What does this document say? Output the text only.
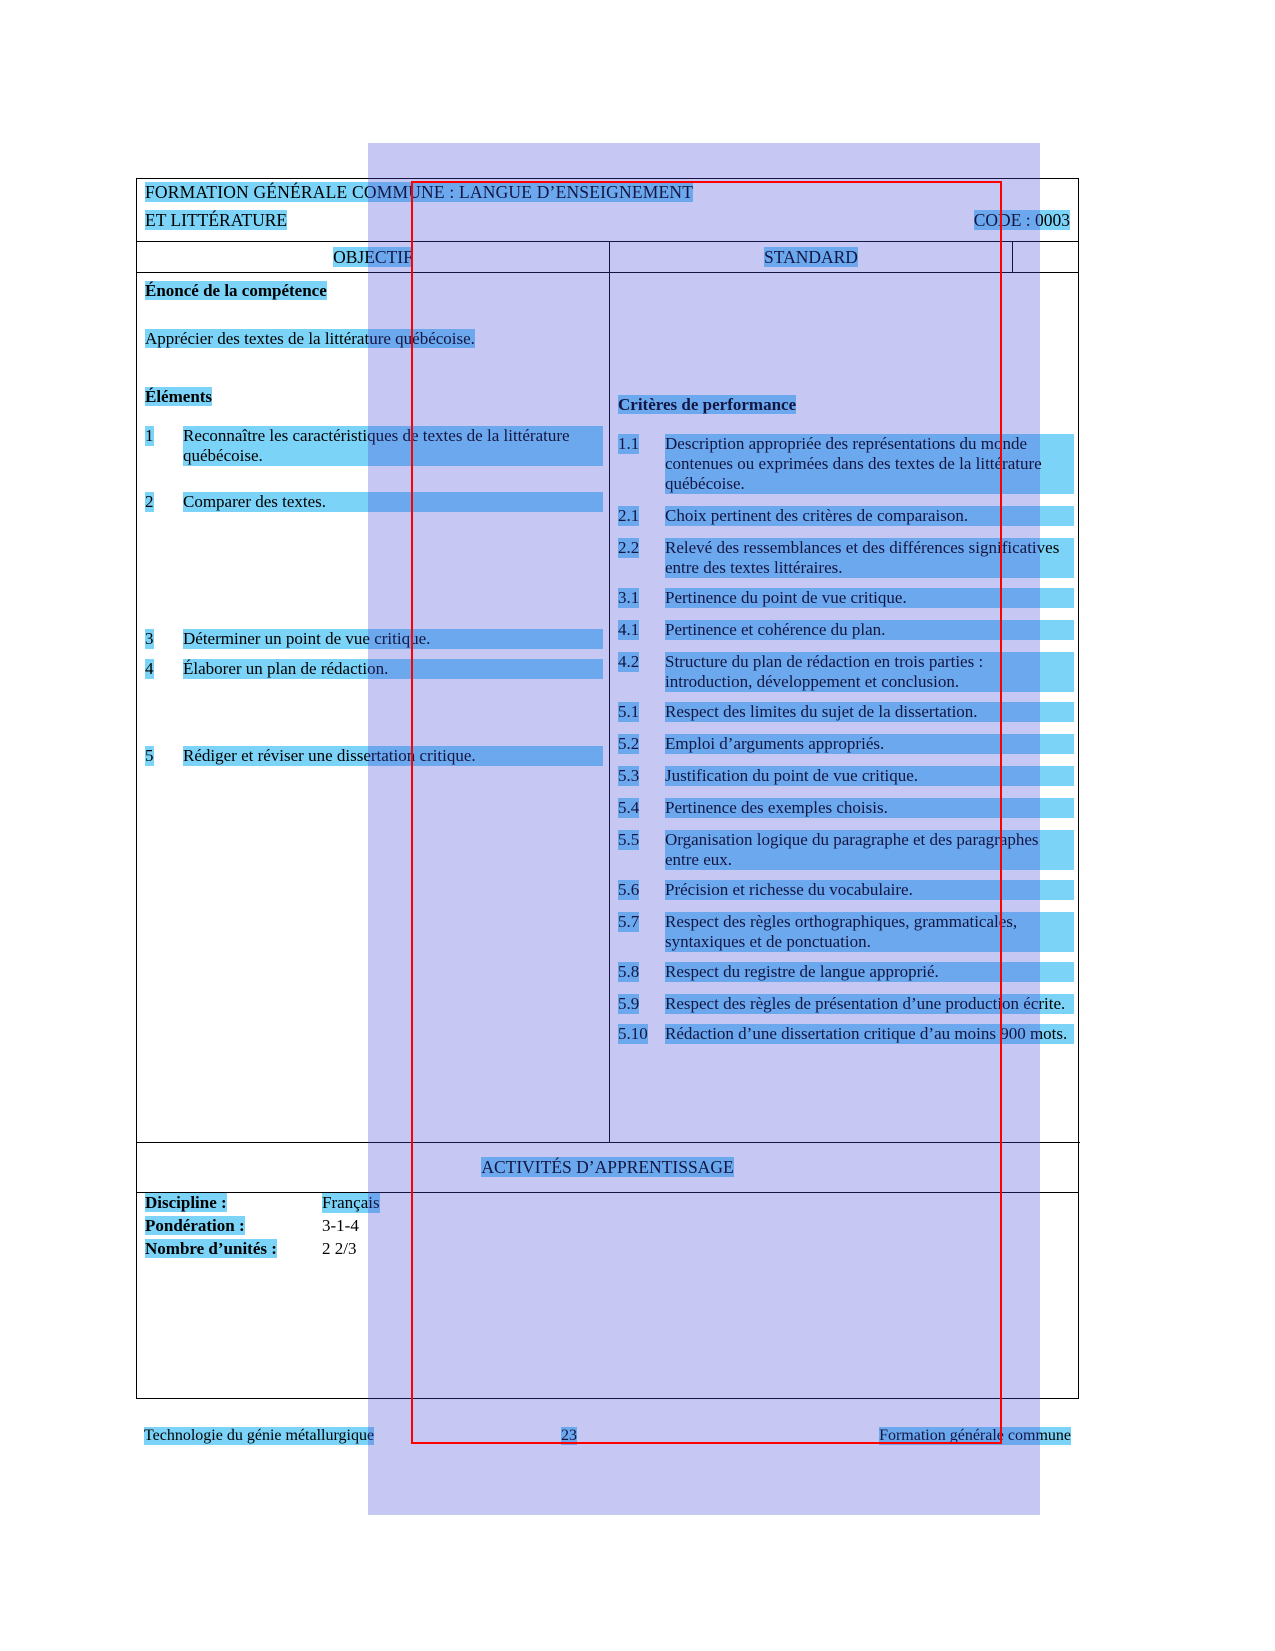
FORMATION GÉNÉRALE COMMUNE : LANGUE D’ENSEIGNEMENT
ET LITTÉRATURE	CODE : 0003
OBJECTIF	STANDARD
Énoncé de la compétence
Apprécier des textes de la littérature québécoise.
Éléments
1 Reconnaître les caractéristiques de textes de la littérature québécoise.
2 Comparer des textes.
3 Déterminer un point de vue critique.
4 Élaborer un plan de rédaction.
5 Rédiger et réviser une dissertation critique.
Critères de performance
1.1 Description appropriée des représentations du monde contenues ou exprimées dans des textes de la littérature québécoise.
2.1 Choix pertinent des critères de comparaison.
2.2 Relevé des ressemblances et des différences significatives entre des textes littéraires.
3.1 Pertinence du point de vue critique.
4.1 Pertinence et cohérence du plan.
4.2 Structure du plan de rédaction en trois parties : introduction, développement et conclusion.
5.1 Respect des limites du sujet de la dissertation.
5.2 Emploi d’arguments appropriés.
5.3 Justification du point de vue critique.
5.4 Pertinence des exemples choisis.
5.5 Organisation logique du paragraphe et des paragraphes entre eux.
5.6 Précision et richesse du vocabulaire.
5.7 Respect des règles orthographiques, grammaticales, syntaxiques et de ponctuation.
5.8 Respect du registre de langue approprié.
5.9 Respect des règles de présentation d’une production écrite.
5.10 Rédaction d’une dissertation critique d’au moins 900 mots.
ACTIVITÉS D’APPRENTISSAGE
Discipline :	Français
Pondération :	3-1-4
Nombre d’unités :	2 2/3
Technologie du génie métallurgique	23	Formation générale commune
